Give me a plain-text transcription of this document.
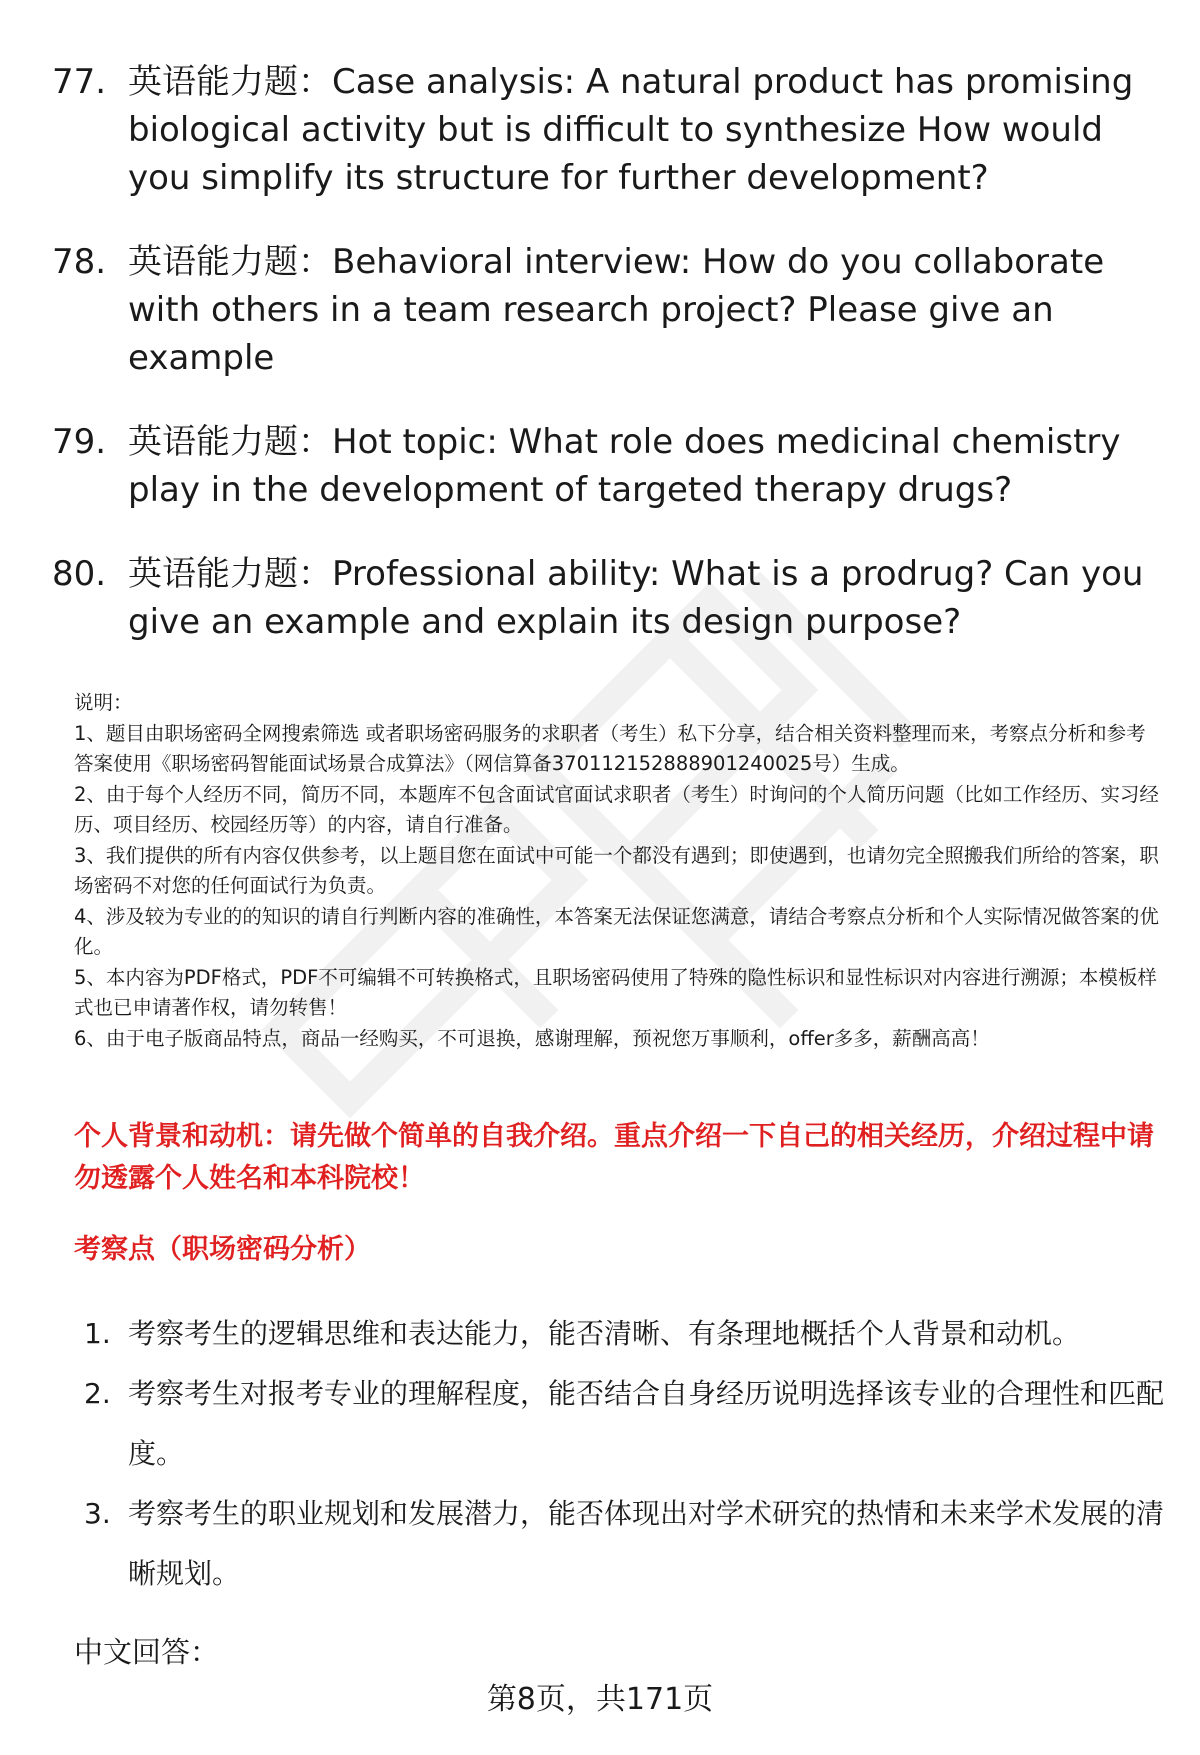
77. 英语能力题：Case analysis: A natural product has promising biological activity but is difficult to synthesize How would you simplify its structure for further development?
78. 英语能力题：Behavioral interview: How do you collaborate with others in a team research project? Please give an example
79. 英语能力题：Hot topic: What role does medicinal chemistry play in the development of targeted therapy drugs?
80. 英语能力题：Professional ability: What is a prodrug? Can you give an example and explain its design purpose?

说明：

1、题目由职场密码全网搜索筛选 或者职场密码服务的求职者（考生）私下分享，结合相关资料整理而来，考察点分析和参考答案使用《职场密码智能面试场景合成算法》（网信算备370112152888901240025号）生成。

2、由于每个人经历不同，简历不同，本题库不包含面试官面试求职者（考生）时询问的个人简历问题（比如工作经历、实习经历、项目经历、校园经历等）的内容，请自行准备。

3、我们提供的所有内容仅供参考，以上题目您在面试中可能一个都没有遇到；即使遇到，也请勿完全照搬我们所给的答案，职场密码不对您的任何面试行为负责。

4、涉及较为专业的的知识的请自行判断内容的准确性，本答案无法保证您满意，请结合考察点分析和个人实际情况做答案的优化。

5、本内容为PDF格式，PDF不可编辑不可转换格式，且职场密码使用了特殊的隐性标识和显性标识对内容进行溯源；本模板样式也已申请著作权，请勿转售！

6、由于电子版商品特点，商品一经购买，不可退换，感谢理解，预祝您万事顺利，offer多多，薪酬高高！

个人背景和动机：请先做个简单的自我介绍。重点介绍一下自己的相关经历，介绍过程中请勿透露个人姓名和本科院校！

考察点（职场密码分析）

1. 考察考生的逻辑思维和表达能力，能否清晰、有条理地概括个人背景和动机。
2. 考察考生对报考专业的理解程度，能否结合自身经历说明选择该专业的合理性和匹配度。
3. 考察考生的职业规划和发展潜力，能否体现出对学术研究的热情和未来学术发展的清晰规划。

中文回答：

第8页，共171页
